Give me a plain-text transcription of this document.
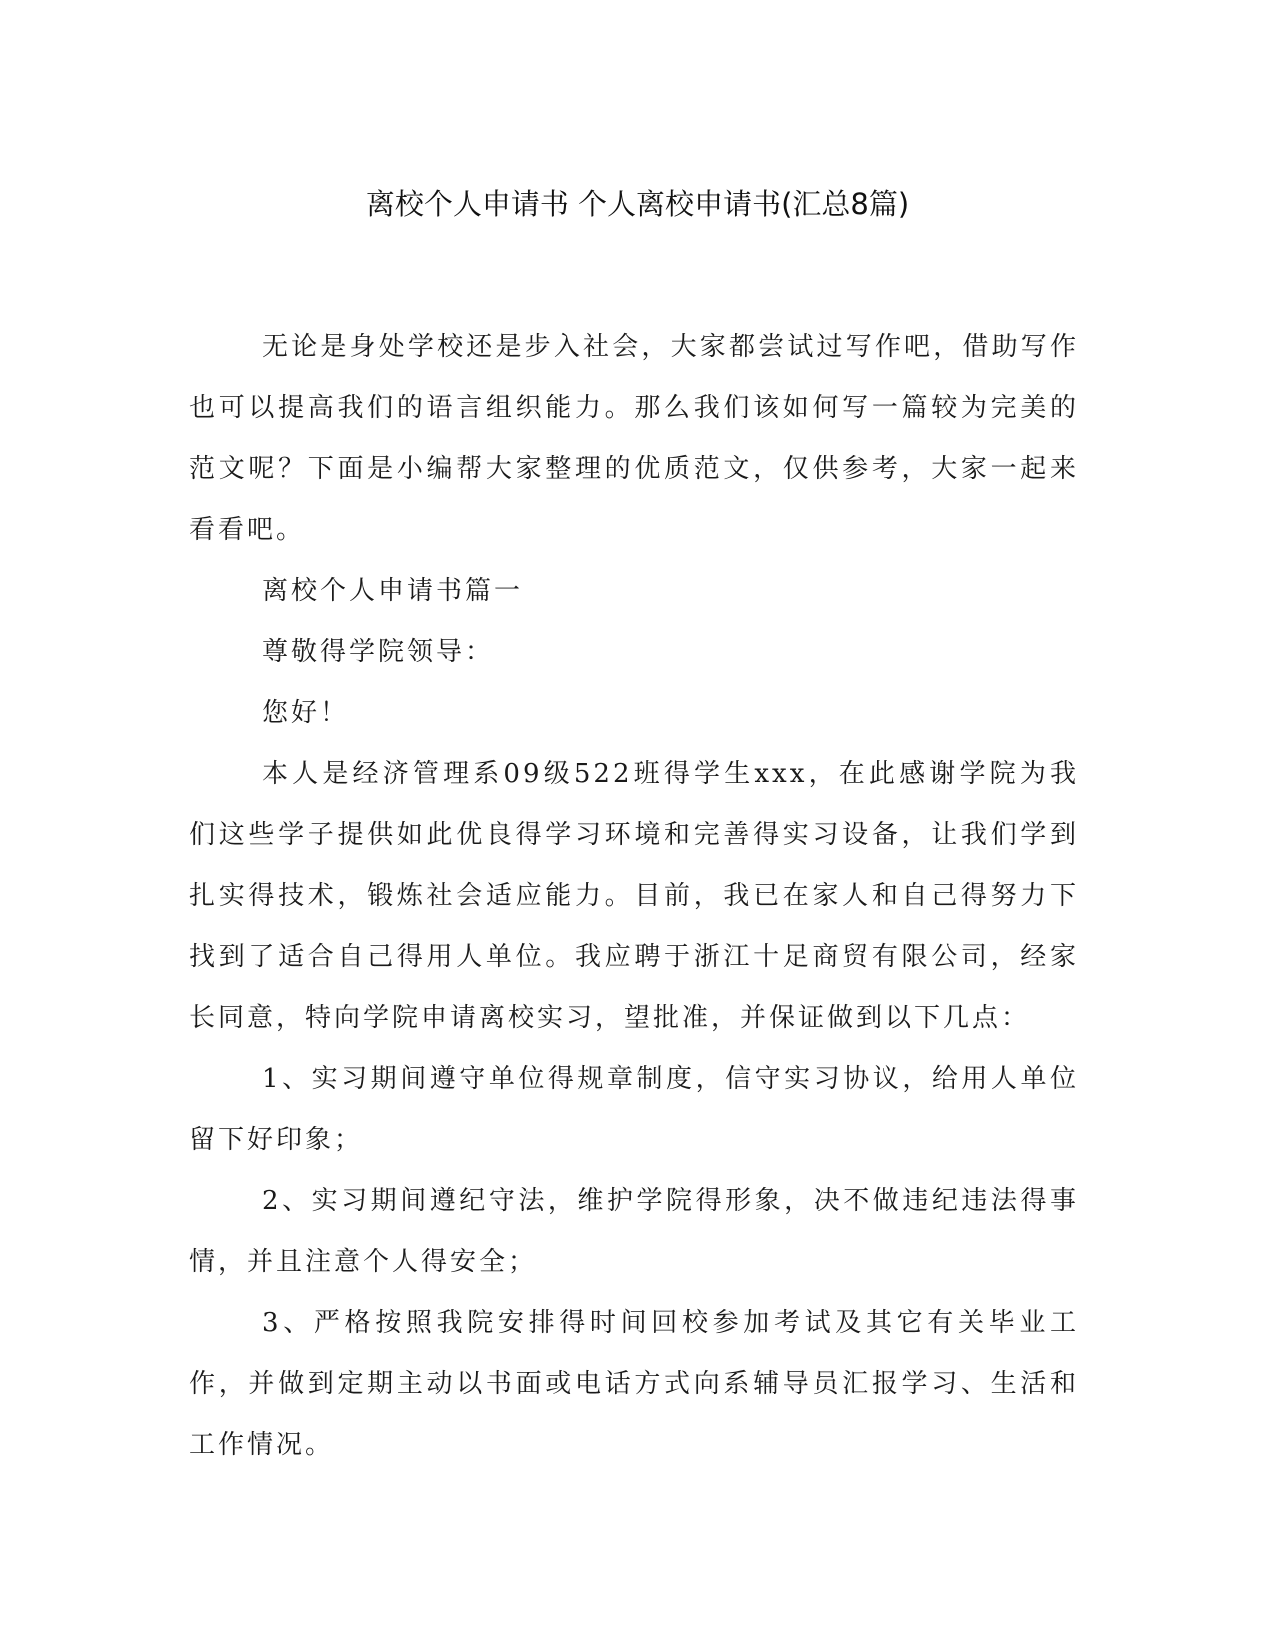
离校个人申请书 个人离校申请书(汇总8篇)

无论是身处学校还是步入社会，大家都尝试过写作吧，借助写作也可以提高我们的语言组织能力。那么我们该如何写一篇较为完美的范文呢？下面是小编帮大家整理的优质范文，仅供参考，大家一起来看看吧。

离校个人申请书篇一

尊敬得学院领导：

您好！

本人是经济管理系09级522班得学生xxx，在此感谢学院为我们这些学子提供如此优良得学习环境和完善得实习设备，让我们学到扎实得技术，锻炼社会适应能力。目前，我已在家人和自己得努力下找到了适合自己得用人单位。我应聘于浙江十足商贸有限公司，经家长同意，特向学院申请离校实习，望批准，并保证做到以下几点：

1、实习期间遵守单位得规章制度，信守实习协议，给用人单位留下好印象；

2、实习期间遵纪守法，维护学院得形象，决不做违纪违法得事情，并且注意个人得安全；

3、严格按照我院安排得时间回校参加考试及其它有关毕业工作，并做到定期主动以书面或电话方式向系辅导员汇报学习、生活和工作情况。
